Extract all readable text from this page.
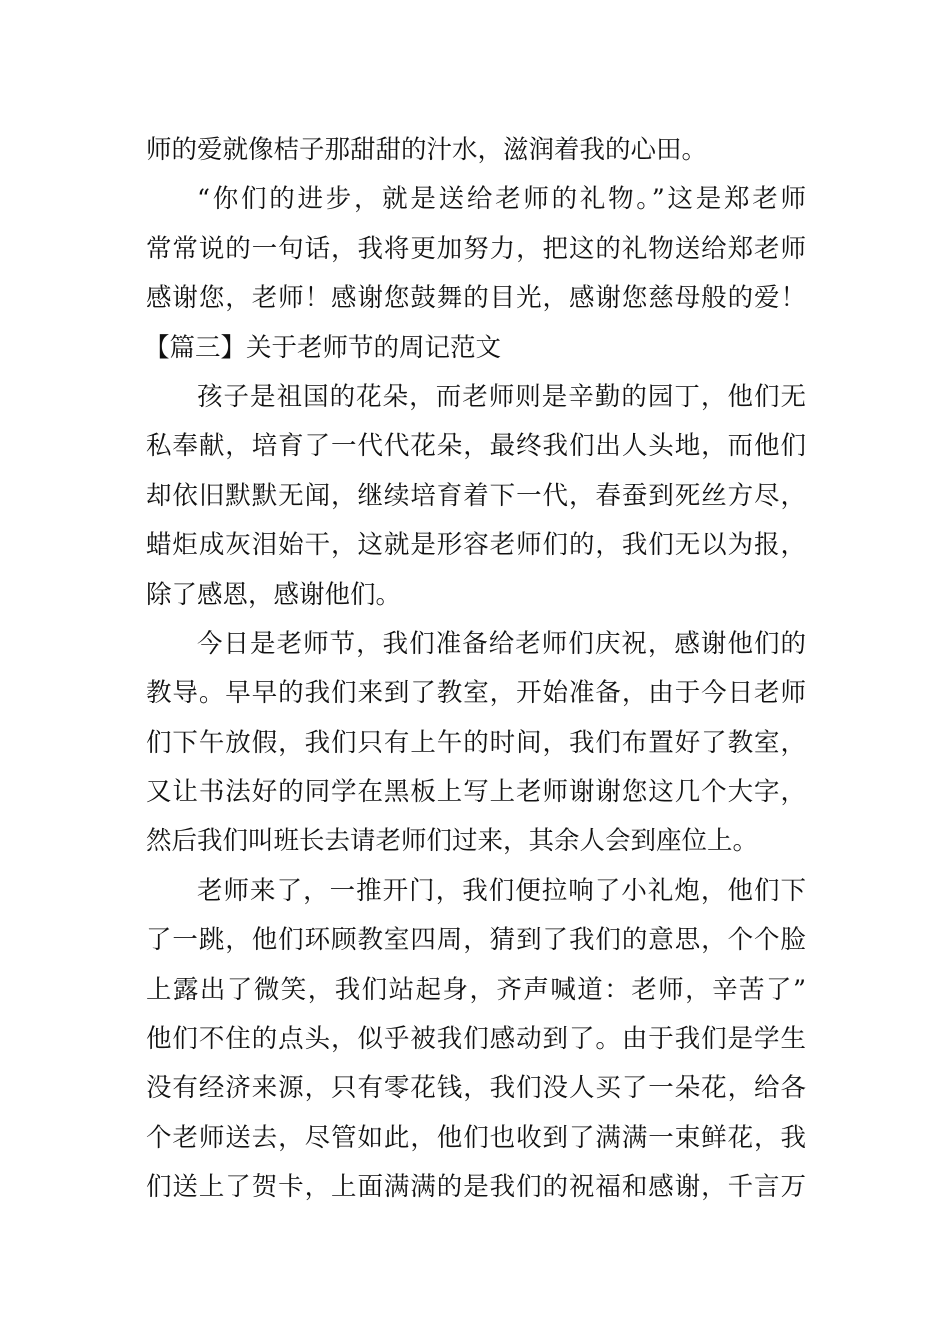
师的爱就像桔子那甜甜的汁水，滋润着我的心田。
“你们的进步，就是送给老师的礼物。”这是郑老师
常常说的一句话，我将更加努力，把这的礼物送给郑老师
感谢您，老师！感谢您鼓舞的目光，感谢您慈母般的爱！
【篇三】关于老师节的周记范文
孩子是祖国的花朵，而老师则是辛勤的园丁，他们无
私奉献，培育了一代代花朵，最终我们出人头地，而他们
却依旧默默无闻，继续培育着下一代，春蚕到死丝方尽，
蜡炬成灰泪始干，这就是形容老师们的，我们无以为报，
除了感恩，感谢他们。
今日是老师节，我们准备给老师们庆祝，感谢他们的
教导。早早的我们来到了教室，开始准备，由于今日老师
们下午放假，我们只有上午的时间，我们布置好了教室，
又让书法好的同学在黑板上写上老师谢谢您这几个大字，
然后我们叫班长去请老师们过来，其余人会到座位上。
老师来了，一推开门，我们便拉响了小礼炮，他们下
了一跳，他们环顾教室四周，猜到了我们的意思，个个脸
上露出了微笑，我们站起身，齐声喊道：老师，辛苦了”
他们不住的点头，似乎被我们感动到了。由于我们是学生
没有经济来源，只有零花钱，我们没人买了一朵花，给各
个老师送去，尽管如此，他们也收到了满满一束鲜花，我
们送上了贺卡，上面满满的是我们的祝福和感谢，千言万
